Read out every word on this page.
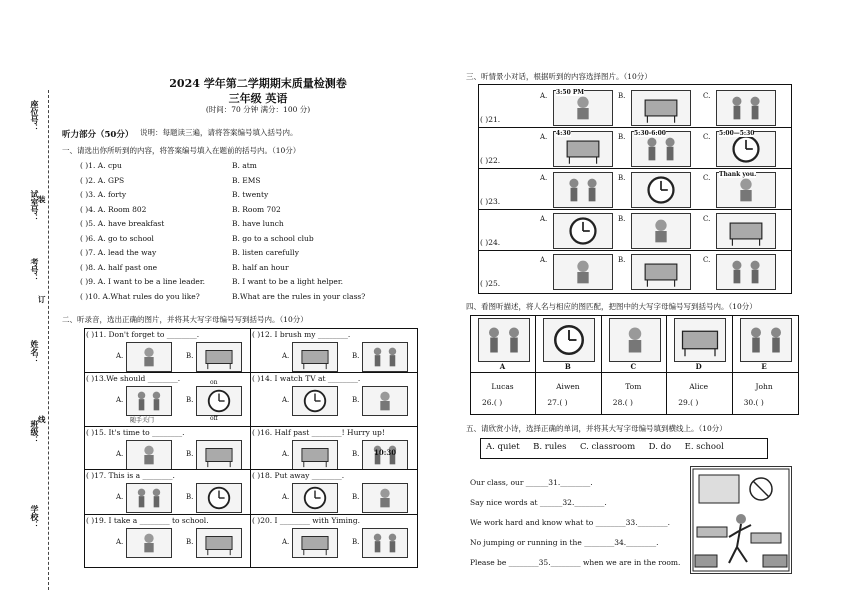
座位号：
试室号：
考号：
姓名：
班级：
学校：
装
订
线
2024 学年第二学期期末质量检测卷
三年级 英语
(时间：70 分钟 满分：100 分)
听力部分（50分） 说明：每题读三遍，请将答案编号填入括号内。
一、请选出你所听到的内容，将答案编号填入在题前的括号内。（10分）
( )1. A. cpu	B. atm
( )2. A. GPS	B. EMS
( )3. A. forty	B. twenty
( )4. A. Room 802	B. Room 702
( )5. A. have breakfast	B. have lunch
( )6. A. go to school	B. go to a school club
( )7. A. lead the way	B. listen carefully
( )8. A. half past one	B. half an hour
( )9. A. I want to be a line leader.	B. I want to be a light helper.
( )10. A.What rules do you like?	B.What are the rules in your class?
二、听录音，选出正确的图片，并将其大写字母编号写到括号内。（10分）
( )11. Don't forget to ________.
A.	B.
( )12. I brush my ________.
A.	B.
( )13.We should ________.
A.	B.
随手关门
on
off
( )14. I watch TV at ________.
A.	B.
( )15. It's time to ________.
A.	B.
( )16. Half past ________! Hurry up!
A.	B. 10:30
( )17. This is a ________.
A.	B.
( )18. Put away ________.
A.	B.
( )19. I take a ________ to school.
A.	B.
( )20. I ________ with Yiming.
A.	B.
三、听情景小对话，根据听到的内容选择图片。（10分）
( )21.
A. 3:50 PM	B.	C.
( )22.
A. 4:30	B. 5:30-6:00	C. 5:00—5:30
( )23.
A.	B.	C. Thank you.
( )24.
A.	B.	C.
( )25.
A.	B.	C.
四、看图听描述，将人名与相应的图匹配，把图中的大写字母编号写到括号内。（10分）
A
Lucas
26.( )
B
Aiwen
27.( )
C
Tom
28.( )
D
Alice
29.( )
E
John
30.( )
五、请欣赏小诗，选择正确的单词，并将其大写字母编号填到横线上。（10分）
A. quiet     B. rules     C. classroom     D. do     E. school
Our class, our ______31.________.
Say nice words at ______32.________.
We work hard and know what to ________33.________.
No jumping or running in the ________34.________.
Please be ________35.________ when we are in the room.
